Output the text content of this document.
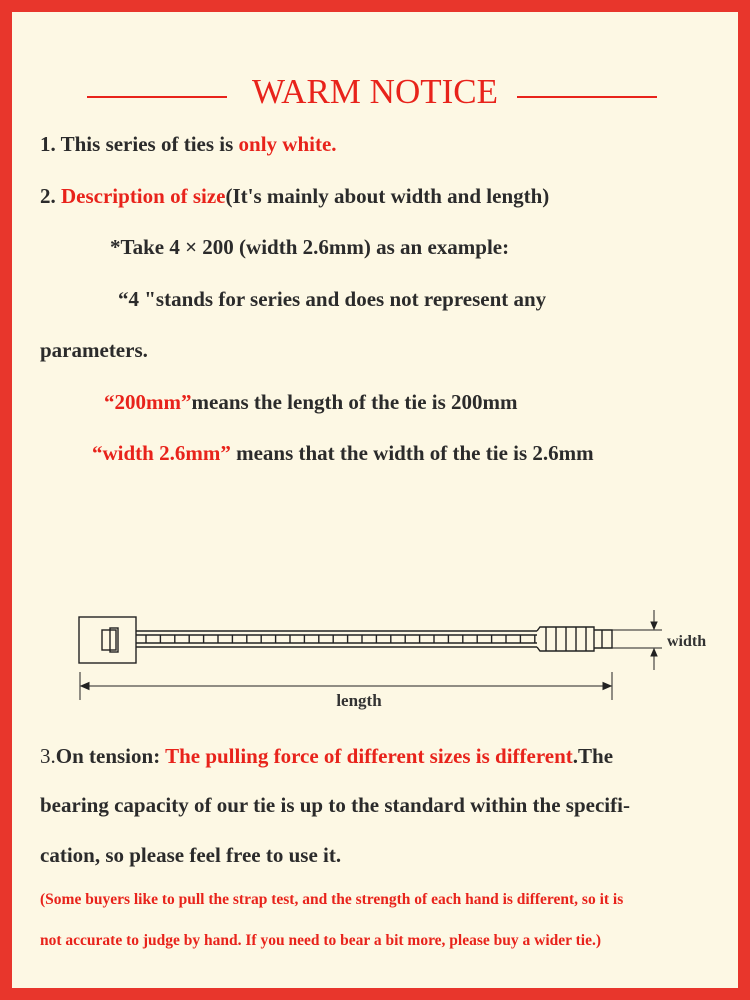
WARM NOTICE
1. This series of ties is only white.
2. Description of size(It's mainly about width and length)
*Take 4 × 200 (width 2.6mm) as an example:
“4 "stands for series and does not represent any
parameters.
“200mm”means the length of the tie is 200mm
“width 2.6mm” means that the width of the tie is 2.6mm
width
length
3.On tension: The pulling force of different sizes is different.The
bearing capacity of our tie is up to the standard within the specifi-
cation, so please feel free to use it.
(Some buyers like to pull the strap test, and the strength of each hand is different, so it is
not accurate to judge by hand. If you need to bear a bit more, please buy a wider tie.)
